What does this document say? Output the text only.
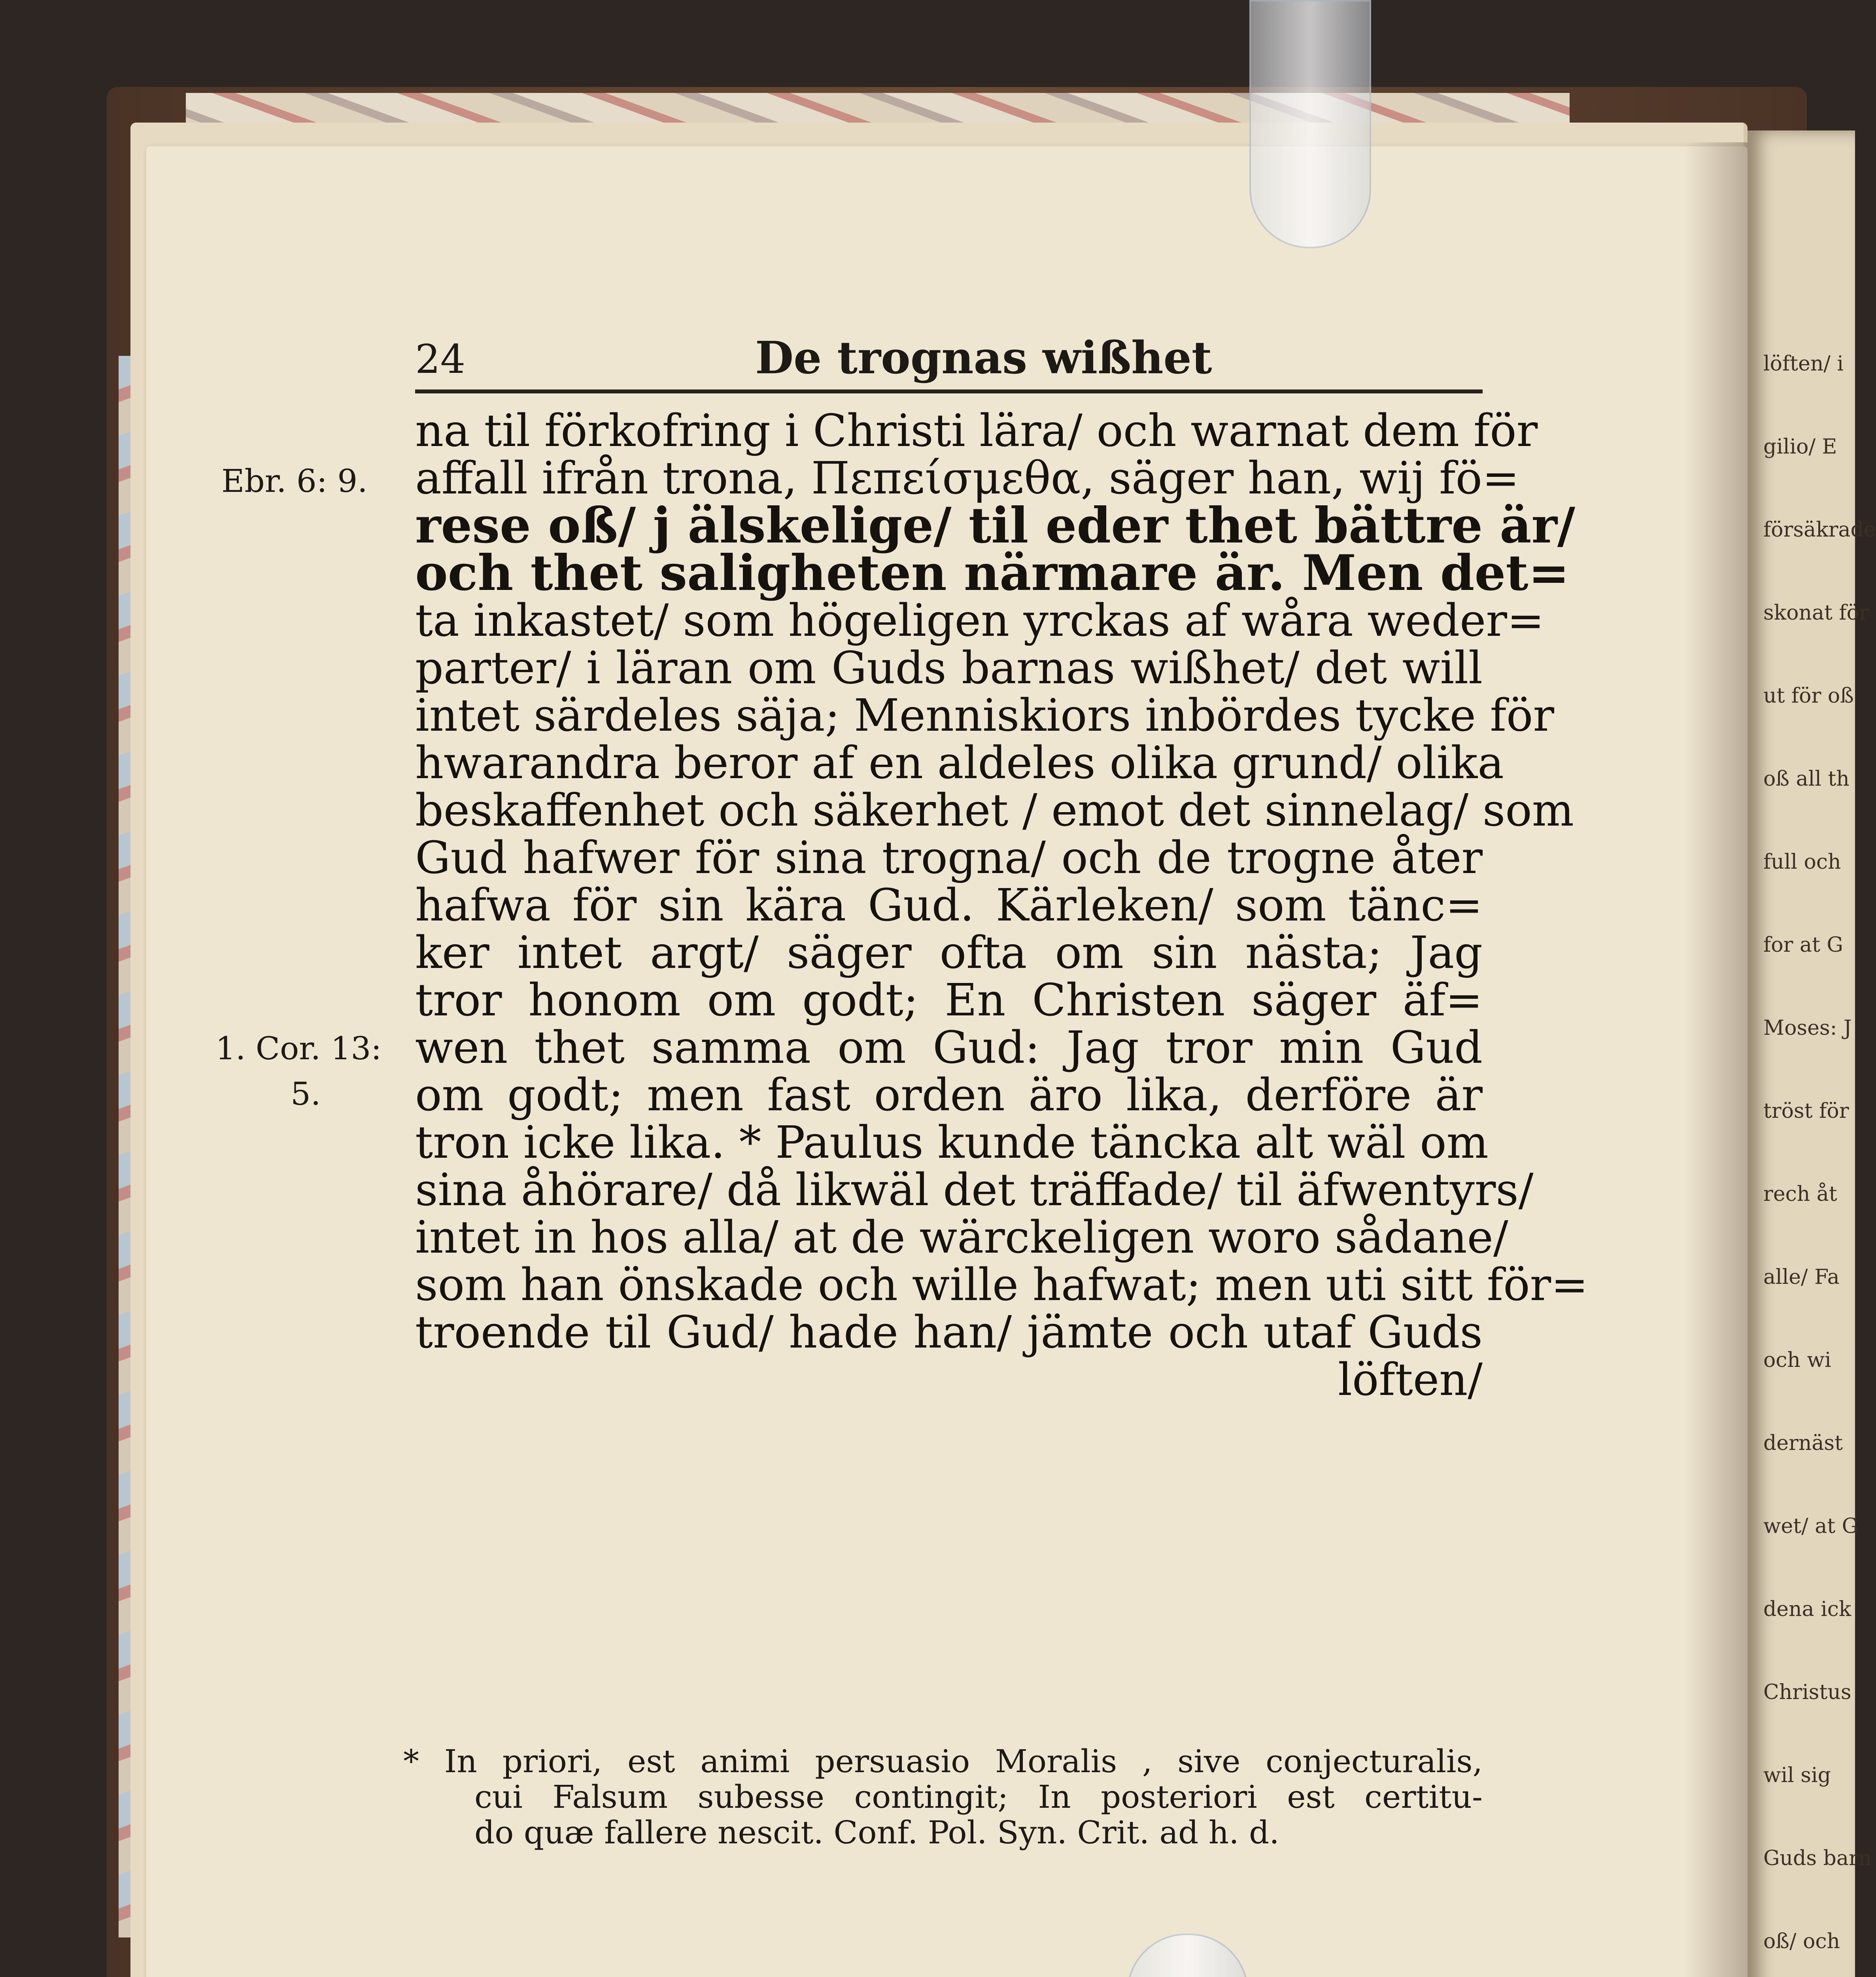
löften/ i
gilio/ E
försäkrade
skonat för
ut för oß
oß all th
full och
for at G
Moses: J
tröst för
rech åt
alle/ Fa
och wi
dernäst
wet/ at G
dena ick
Christus
wil sig
Guds barn
oß/ och
24	De trognas wißhet
Ebr. 6: 9.
1. Cor. 13:
5.
na til förkofring i Christi lära/ och warnat dem för
affall ifrån trona, Πεπείσμεθα, säger han, wij fö=
rese oß/ j älskelige/ til eder thet bättre är/
och thet saligheten närmare är. Men det=
ta inkastet/ som högeligen yrckas af wåra weder=
parter/ i läran om Guds barnas wißhet/ det will
intet särdeles säja; Menniskiors inbördes tycke för
hwarandra beror af en aldeles olika grund/ olika
beskaffenhet och säkerhet / emot det sinnelag/ som
Gud hafwer för sina trogna/ och de trogne åter
hafwa för sin kära Gud. Kärleken/ som tänc=
ker intet argt/ säger ofta om sin nästa; Jag
tror honom om godt; En Christen säger äf=
wen thet samma om Gud: Jag tror min Gud
om godt; men fast orden äro lika, derföre är
tron icke lika. * Paulus kunde täncka alt wäl om
sina åhörare/ då likwäl det träffade/ til äfwentyrs/
intet in hos alla/ at de wärckeligen woro sådane/
som han önskade och wille hafwat; men uti sitt för=
troende til Gud/ hade han/ jämte och utaf Guds
löften/
* In priori, est animi persuasio Moralis , sive conjecturalis,
cui Falsum subesse contingit; In posteriori est certitu-
do quæ fallere nescit. Conf. Pol. Syn. Crit. ad h. d.
